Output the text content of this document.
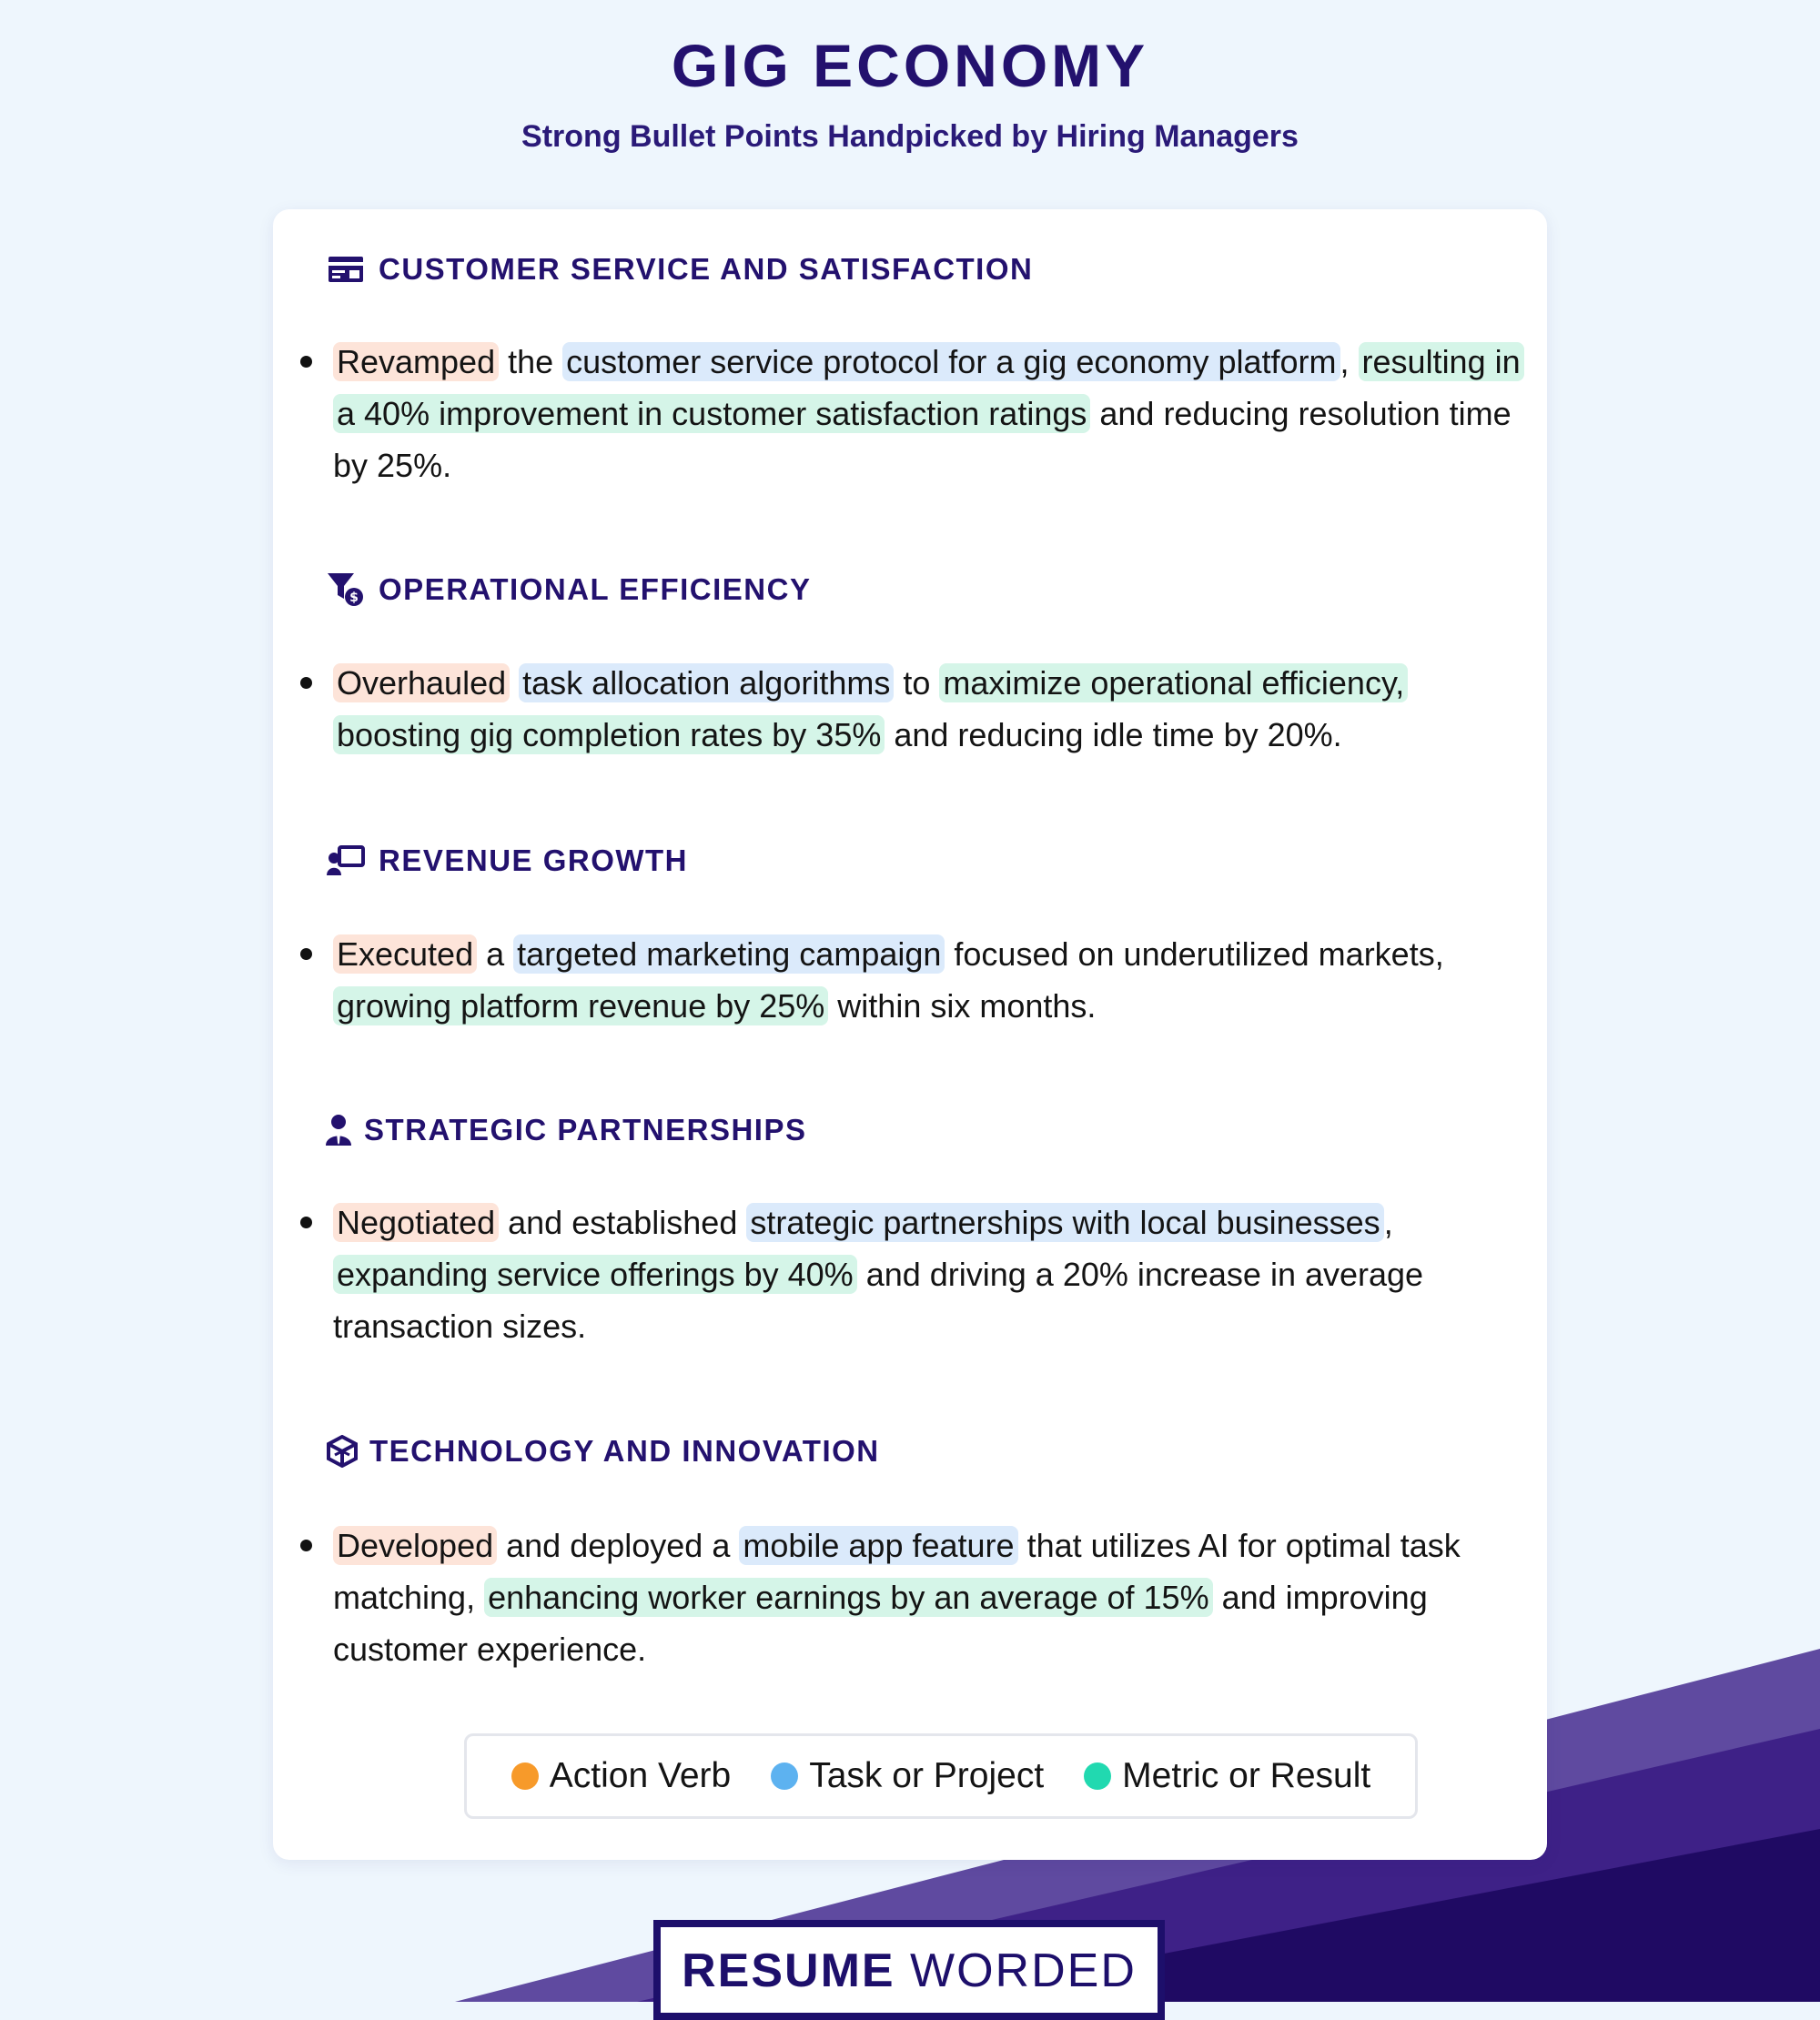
GIG ECONOMY
Strong Bullet Points Handpicked by Hiring Managers
CUSTOMER SERVICE AND SATISFACTION
Revamped the customer service protocol for a gig economy platform , resulting in a 40% improvement in customer satisfaction ratings and reducing resolution time by 25%.
$ OPERATIONAL EFFICIENCY
Overhauled task allocation algorithms to maximize operational efficiency, boosting gig completion rates by 35% and reducing idle time by 20%.
REVENUE GROWTH
Executed a targeted marketing campaign focused on underutilized markets, growing platform revenue by 25% within six months.
STRATEGIC PARTNERSHIPS
Negotiated and established strategic partnerships with local businesses , expanding service offerings by 40% and driving a 20% increase in average transaction sizes.
TECHNOLOGY AND INNOVATION
Developed and deployed a mobile app feature that utilizes AI for optimal task matching, enhancing worker earnings by an average of 15% and improving customer experience.
Action Verb Task or Project Metric or Result
RESUME WORDED
